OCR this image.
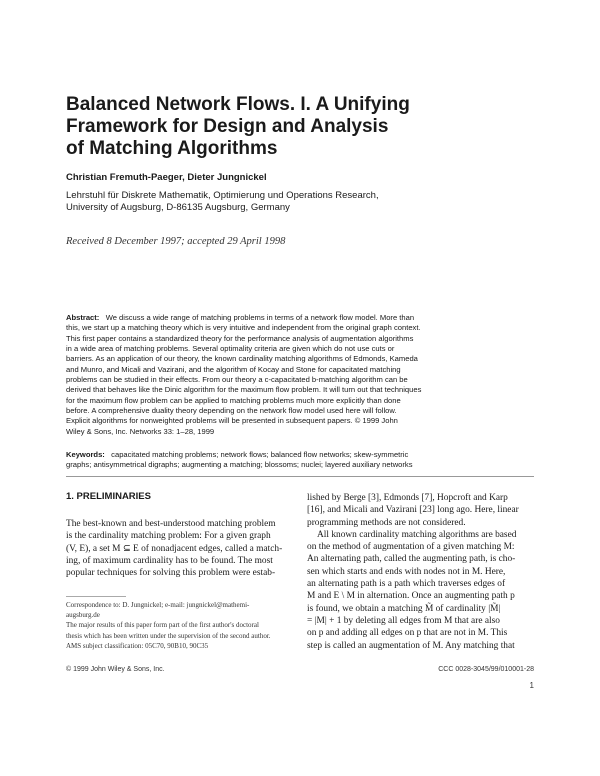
Balanced Network Flows. I. A Unifying
Framework for Design and Analysis
of Matching Algorithms
Christian Fremuth-Paeger, Dieter Jungnickel
Lehrstuhl für Diskrete Mathematik, Optimierung und Operations Research,
University of Augsburg, D-86135 Augsburg, Germany
Received 8 December 1997; accepted 29 April 1998
Abstract: We discuss a wide range of matching problems in terms of a network flow model. More than
this, we start up a matching theory which is very intuitive and independent from the original graph context.
This first paper contains a standardized theory for the performance analysis of augmentation algorithms
in a wide area of matching problems. Several optimality criteria are given which do not use cuts or
barriers. As an application of our theory, the known cardinality matching algorithms of Edmonds, Kameda
and Munro, and Micali and Vazirani, and the algorithm of Kocay and Stone for capacitated matching
problems can be studied in their effects. From our theory a c-capacitated b-matching algorithm can be
derived that behaves like the Dinic algorithm for the maximum flow problem. It will turn out that techniques
for the maximum flow problem can be applied to matching problems much more explicitly than done
before. A comprehensive duality theory depending on the network flow model used here will follow.
Explicit algorithms for nonweighted problems will be presented in subsequent papers. © 1999 John
Wiley & Sons, Inc. Networks 33: 1–28, 1999
Keywords: capacitated matching problems; network flows; balanced flow networks; skew-symmetric
graphs; antisymmetrical digraphs; augmenting a matching; blossoms; nuclei; layered auxiliary networks
1. PRELIMINARIES
The best-known and best-understood matching problem
is the cardinality matching problem: For a given graph
(V, E), a set M ⊆ E of nonadjacent edges, called a match-
ing, of maximum cardinality has to be found. The most
popular techniques for solving this problem were estab-
Correspondence to: D. Jungnickel; e-mail: jungnickel@mathemi-
augsburg.de
The major results of this paper form part of the first author's doctoral
thesis which has been written under the supervision of the second author.
AMS subject classification: 05C70, 90B10, 90C35
lished by Berge [3], Edmonds [7], Hopcroft and Karp
[16], and Micali and Vazirani [23] long ago. Here, linear
programming methods are not considered.
All known cardinality matching algorithms are based
on the method of augmentation of a given matching M:
An alternating path, called the augmenting path, is cho-
sen which starts and ends with nodes not in M. Here,
an alternating path is a path which traverses edges of
M and E \ M in alternation. Once an augmenting path p
is found, we obtain a matching M̃ of cardinality |M̃|
= |M| + 1 by deleting all edges from M that are also
on p and adding all edges on p that are not in M. This
step is called an augmentation of M. Any matching that
© 1999 John Wiley & Sons, Inc.	CCC 0028-3045/99/010001-28
1
